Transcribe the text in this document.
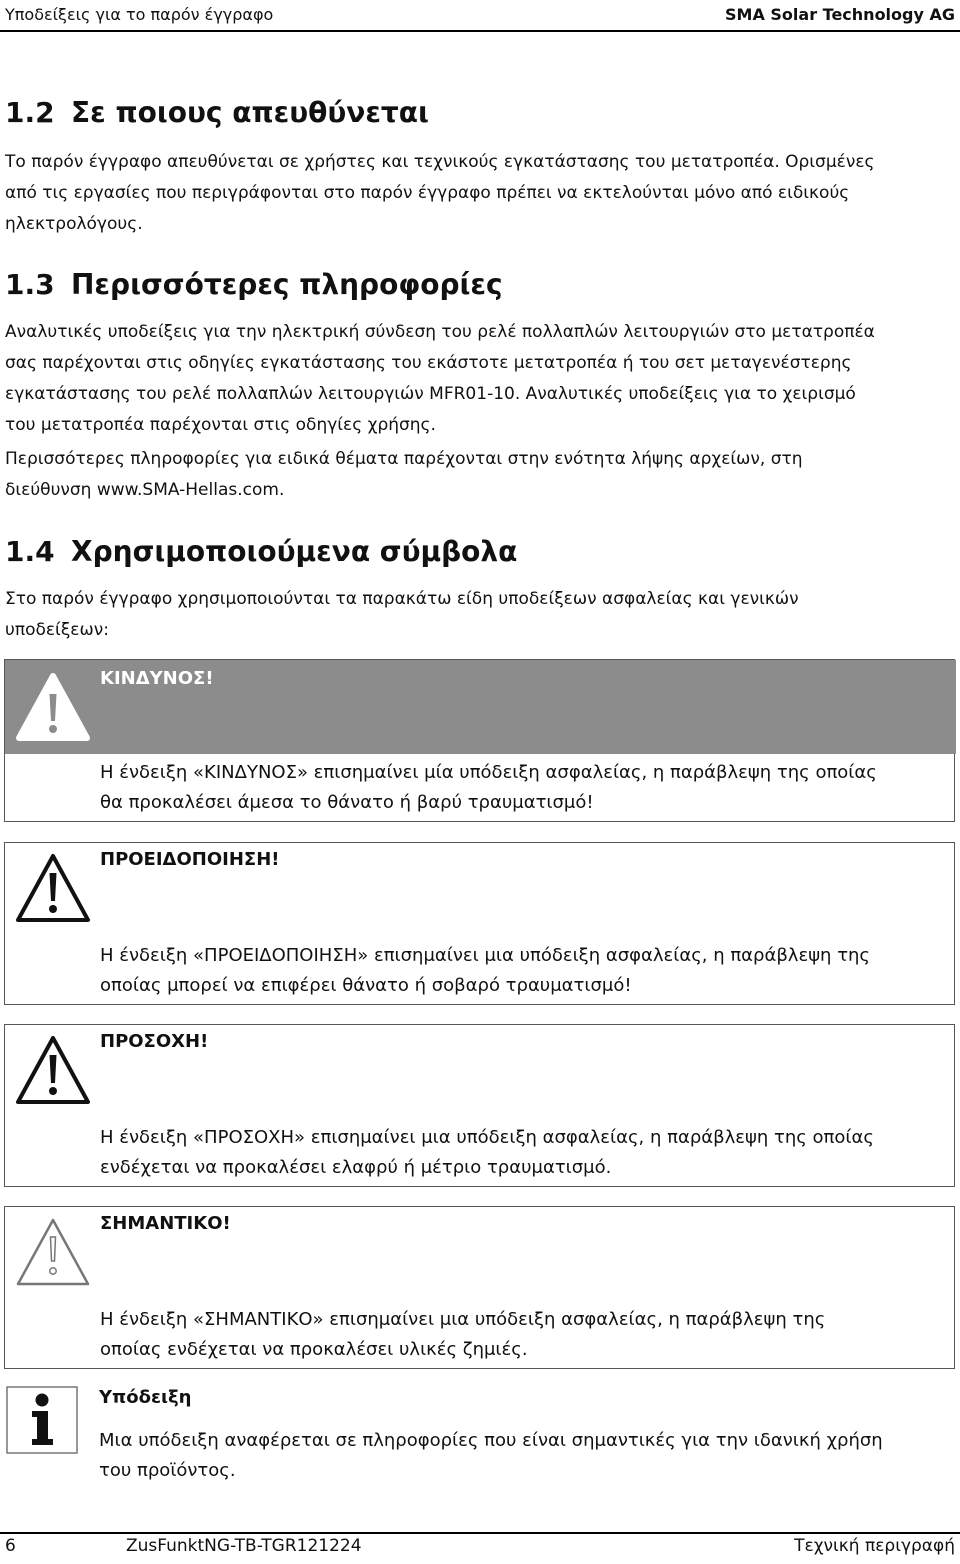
Υποδείξεις για το παρόν έγγραφο	SMA Solar Technology AG
1.2 Σε ποιους απευθύνεται
Το παρόν έγγραφο απευθύνεται σε χρήστες και τεχνικούς εγκατάστασης του μετατροπέα. Ορισμένες
από τις εργασίες που περιγράφονται στο παρόν έγγραφο πρέπει να εκτελούνται μόνο από ειδικούς
ηλεκτρολόγους.
1.3 Περισσότερες πληροφορίες
Αναλυτικές υποδείξεις για την ηλεκτρική σύνδεση του ρελέ πολλαπλών λειτουργιών στο μετατροπέα
σας παρέχονται στις οδηγίες εγκατάστασης του εκάστοτε μετατροπέα ή του σετ μεταγενέστερης
εγκατάστασης του ρελέ πολλαπλών λειτουργιών MFR01-10. Αναλυτικές υποδείξεις για το χειρισμό
του μετατροπέα παρέχονται στις οδηγίες χρήσης.
Περισσότερες πληροφορίες για ειδικά θέματα παρέχονται στην ενότητα λήψης αρχείων, στη
διεύθυνση www.SMA-Hellas.com.
1.4 Χρησιμοποιούμενα σύμβολα
Στο παρόν έγγραφο χρησιμοποιούνται τα παρακάτω είδη υποδείξεων ασφαλείας και γενικών
υποδείξεων:
ΚΙΝΔΥΝΟΣ!
Η ένδειξη «ΚΙΝΔΥΝΟΣ» επισημαίνει μία υπόδειξη ασφαλείας, η παράβλεψη της οποίας
θα προκαλέσει άμεσα το θάνατο ή βαρύ τραυματισμό!
ΠΡΟΕΙΔΟΠΟΙΗΣΗ!
Η ένδειξη «ΠΡΟΕΙΔΟΠΟΙΗΣΗ» επισημαίνει μια υπόδειξη ασφαλείας, η παράβλεψη της
οποίας μπορεί να επιφέρει θάνατο ή σοβαρό τραυματισμό!
ΠΡΟΣΟΧΗ!
Η ένδειξη «ΠΡΟΣΟΧΗ» επισημαίνει μια υπόδειξη ασφαλείας, η παράβλεψη της οποίας
ενδέχεται να προκαλέσει ελαφρύ ή μέτριο τραυματισμό.
ΣΗΜΑΝΤΙΚΟ!
Η ένδειξη «ΣΗΜΑΝΤΙΚΟ» επισημαίνει μια υπόδειξη ασφαλείας, η παράβλεψη της
οποίας ενδέχεται να προκαλέσει υλικές ζημιές.
Υπόδειξη
Μια υπόδειξη αναφέρεται σε πληροφορίες που είναι σημαντικές για την ιδανική χρήση
του προϊόντος.
6	ZusFunktNG-TB-TGR121224	Τεχνική περιγραφή
